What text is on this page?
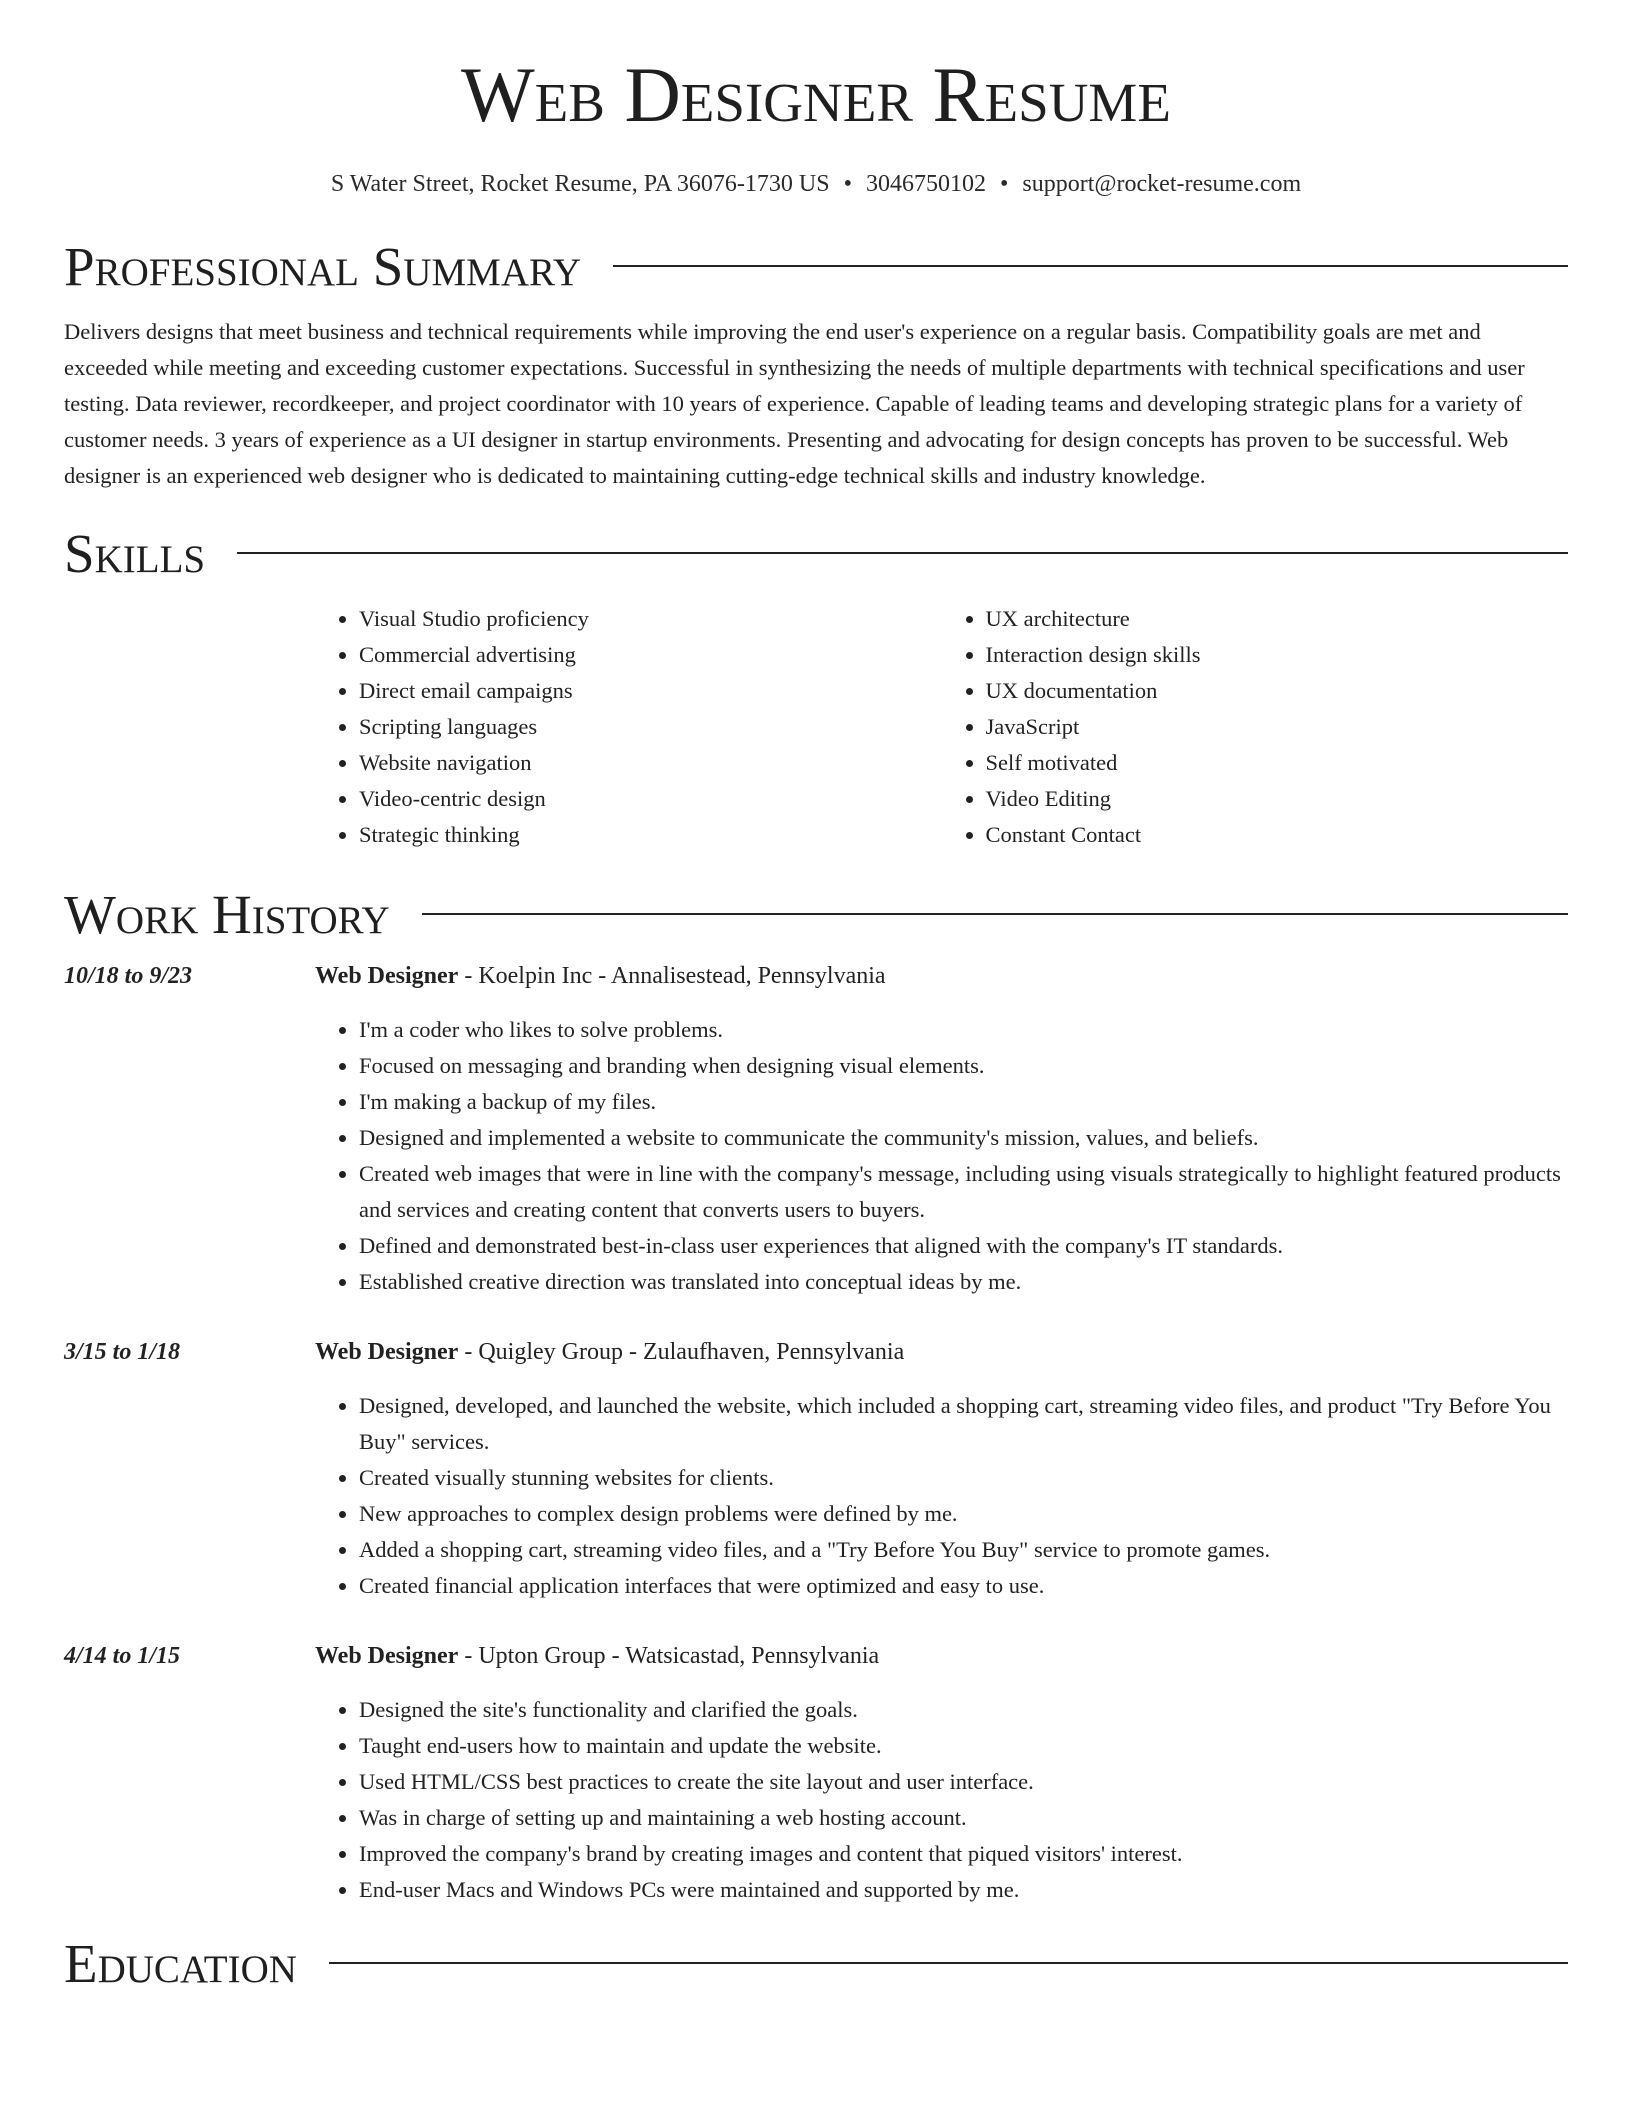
Web Designer Resume
S Water Street, Rocket Resume, PA 36076-1730 US • 3046750102 • support@rocket-resume.com
Professional Summary

Delivers designs that meet business and technical requirements while improving the end user's experience on a regular basis. Compatibility goals are met and exceeded while meeting and exceeding customer expectations. Successful in synthesizing the needs of multiple departments with technical specifications and user testing. Data reviewer, recordkeeper, and project coordinator with 10 years of experience. Capable of leading teams and developing strategic plans for a variety of customer needs. 3 years of experience as a UI designer in startup environments. Presenting and advocating for design concepts has proven to be successful. Web designer is an experienced web designer who is dedicated to maintaining cutting-edge technical skills and industry knowledge.

Skills
• Visual Studio proficiency
• Commercial advertising
• Direct email campaigns
• Scripting languages
• Website navigation
• Video-centric design
• Strategic thinking
• UX architecture
• Interaction design skills
• UX documentation
• JavaScript
• Self motivated
• Video Editing
• Constant Contact
Work History
10/18 to 9/23	Web Designer - Koelpin Inc - Annalisestead, Pennsylvania

• I'm a coder who likes to solve problems.
• Focused on messaging and branding when designing visual elements.
• I'm making a backup of my files.
• Designed and implemented a website to communicate the community's mission, values, and beliefs.
• Created web images that were in line with the company's message, including using visuals strategically to highlight featured products and services and creating content that converts users to buyers.
• Defined and demonstrated best-in-class user experiences that aligned with the company's IT standards.
• Established creative direction was translated into conceptual ideas by me.
3/15 to 1/18	Web Designer - Quigley Group - Zulaufhaven, Pennsylvania

• Designed, developed, and launched the website, which included a shopping cart, streaming video files, and product "Try Before You Buy" services.
• Created visually stunning websites for clients.
• New approaches to complex design problems were defined by me.
• Added a shopping cart, streaming video files, and a "Try Before You Buy" service to promote games.
• Created financial application interfaces that were optimized and easy to use.
4/14 to 1/15	Web Designer - Upton Group - Watsicastad, Pennsylvania

• Designed the site's functionality and clarified the goals.
• Taught end-users how to maintain and update the website.
• Used HTML/CSS best practices to create the site layout and user interface.
• Was in charge of setting up and maintaining a web hosting account.
• Improved the company's brand by creating images and content that piqued visitors' interest.
• End-user Macs and Windows PCs were maintained and supported by me.
Education
